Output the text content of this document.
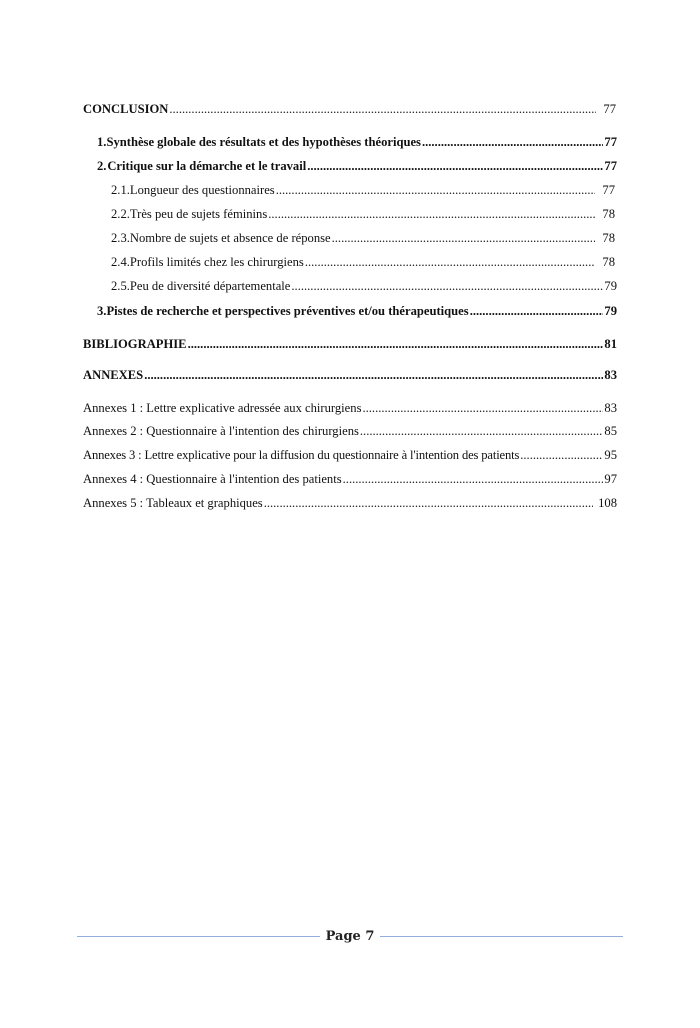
CONCLUSION .....	77
1. Synthèse globale des résultats et des hypothèses théoriques .....	77
2. Critique sur la démarche et le travail .....	77
2.1. Longueur des questionnaires .....	77
2.2. Très peu de sujets féminins .....	78
2.3. Nombre de sujets et absence de réponse .....	78
2.4. Profils limités chez les chirurgiens .....	78
2.5. Peu de diversité départementale .....	79
3. Pistes de recherche et perspectives préventives et/ou thérapeutiques .....	79
BIBLIOGRAPHIE .....	81
ANNEXES .....	83
Annexes 1 : Lettre explicative adressée aux chirurgiens .....	83
Annexes 2 : Questionnaire à l'intention des chirurgiens .....	85
Annexes 3 : Lettre explicative pour la diffusion du questionnaire à l'intention des patients .....	95
Annexes 4 : Questionnaire à l'intention des patients .....	97
Annexes 5 : Tableaux et graphiques .....	108
Page 7
